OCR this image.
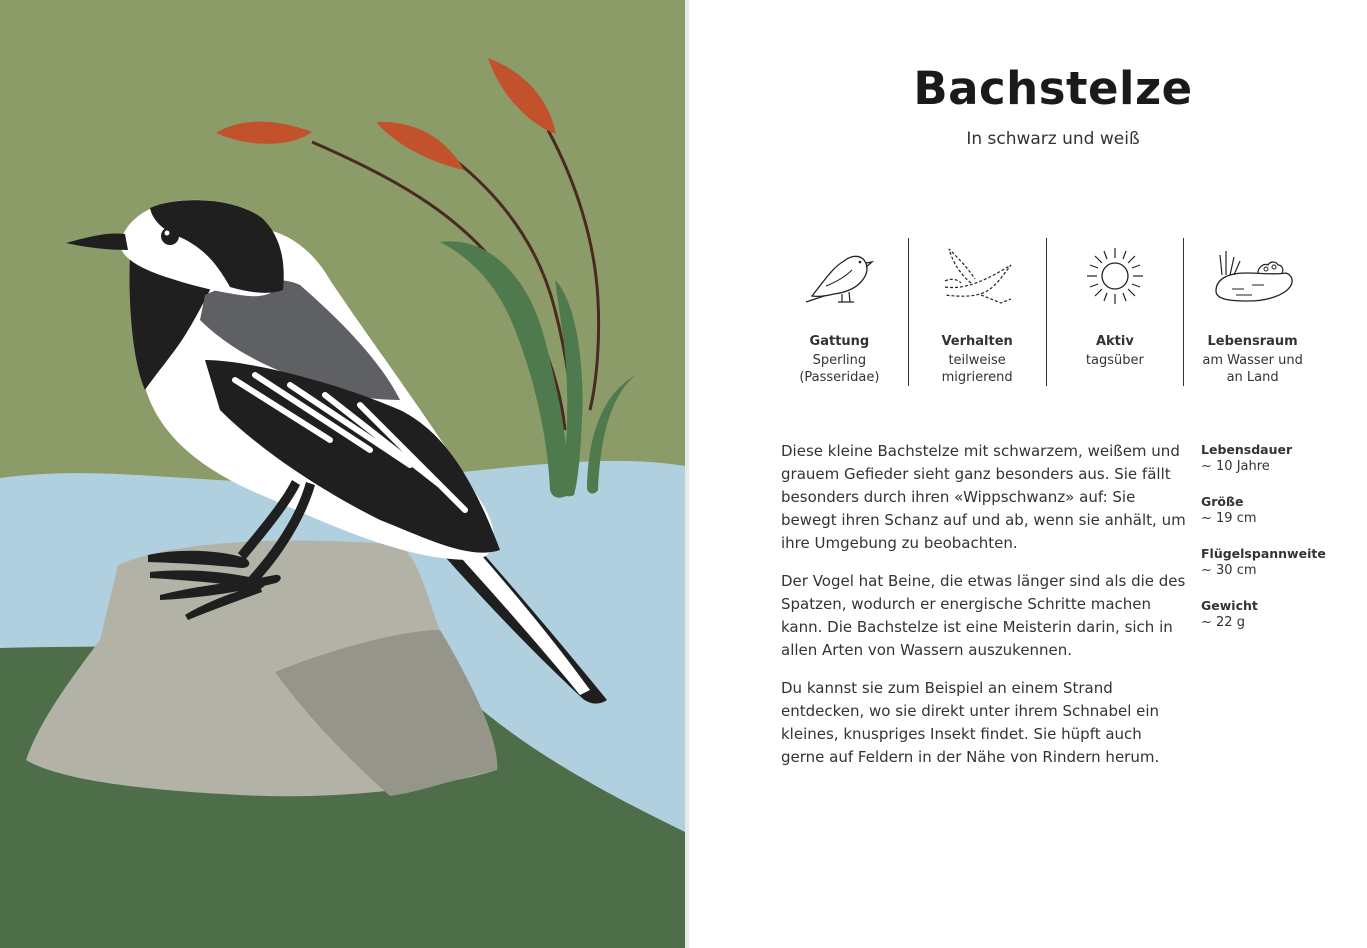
Bachstelze

In schwarz und weiß

Gattung
Sperling
(Passeridae)
Verhalten
teilweise
migrierend
Aktiv
tagsüber
Lebensraum
am Wasser und
an Land

Diese kleine Bachstelze mit schwarzem, weißem und grauem Gefieder sieht ganz besonders aus. Sie fällt besonders durch ihren «Wippschwanz» auf: Sie bewegt ihren Schanz auf und ab, wenn sie anhält, um ihre Umgebung zu beobachten.

Der Vogel hat Beine, die etwas länger sind als die des Spatzen, wodurch er energische Schritte machen kann. Die Bachstelze ist eine Meisterin darin, sich in allen Arten von Wassern auszukennen.

Du kannst sie zum Beispiel an einem Strand entdecken, wo sie direkt unter ihrem Schnabel ein kleines, knuspriges Insekt findet. Sie hüpft auch gerne auf Feldern in der Nähe von Rindern herum.

Lebensdauer
~ 10 Jahre
Größe
~ 19 cm
Flügelspannweite
~ 30 cm
Gewicht
~ 22 g
